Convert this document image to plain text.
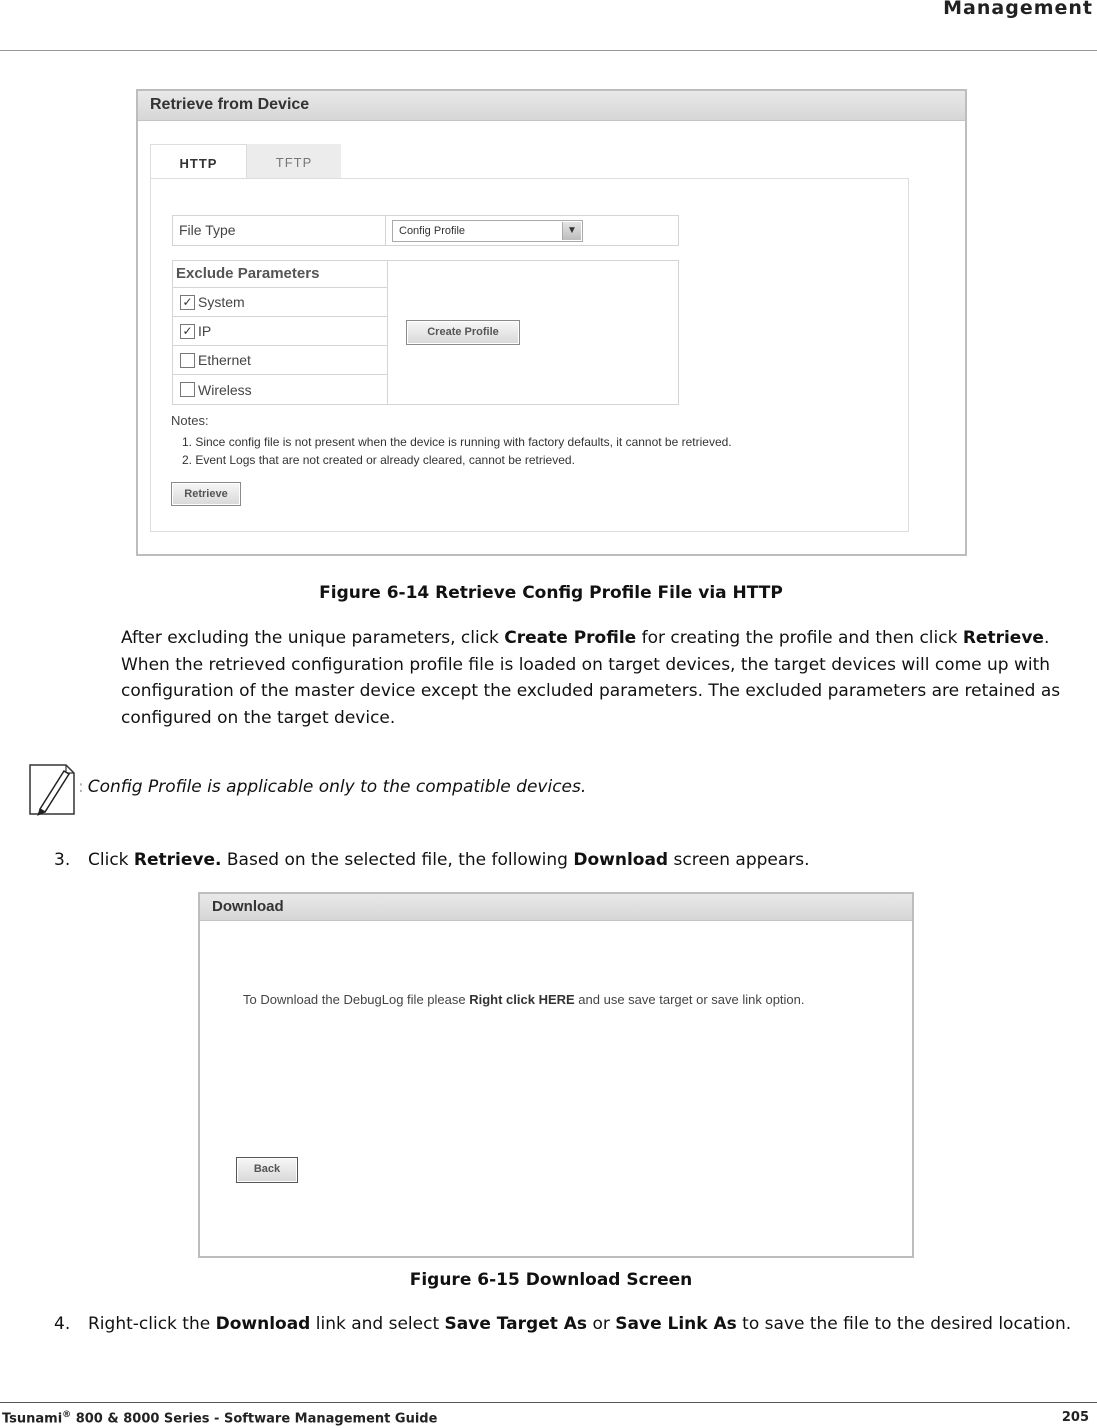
Management
Retrieve from Device
HTTP	TFTP
File Type	Config Profile	▼
Exclude Parameters
✓ System
✓ IP
Ethernet
Wireless
Create Profile
Notes:
1. Since config file is not present when the device is running with factory defaults, it cannot be retrieved.
2. Event Logs that are not created or already cleared, cannot be retrieved.
Retrieve
Figure 6-14 Retrieve Config Profile File via HTTP
After excluding the unique parameters, click Create Profile for creating the profile and then click Retrieve. When the retrieved configuration profile file is loaded on target devices, the target devices will come up with configuration of the master device except the excluded parameters. The excluded parameters are retained as configured on the target device.
: Config Profile is applicable only to the compatible devices.
3. Click Retrieve. Based on the selected file, the following Download screen appears.
Download
To Download the DebugLog file please Right click HERE and use save target or save link option.
Back
Figure 6-15 Download Screen
4. Right-click the Download link and select Save Target As or Save Link As to save the file to the desired location.
Tsunami® 800 & 8000 Series - Software Management Guide	205
